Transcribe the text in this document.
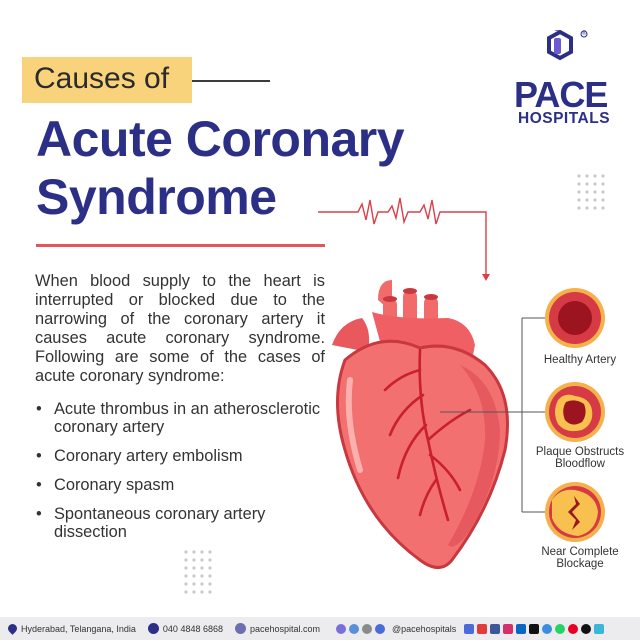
Causes of
Acute Coronary
Syndrome
®
PACE
HOSPITALS
When blood supply to the heart is interrupted or blocked due to the narrowing of the coronary artery it causes acute coronary syndrome. Following are some of the cases of acute coronary syndrome:
• Acute thrombus in an atherosclerotic coronary artery
• Coronary artery embolism
• Coronary spasm
• Spontaneous coronary artery dissection
Healthy Artery
Plaque Obstructs
Bloodflow
Near Complete
Blockage
Hyderabad, Telangana, India	040 4848 6868	pacehospital.com	@pacehospitals
